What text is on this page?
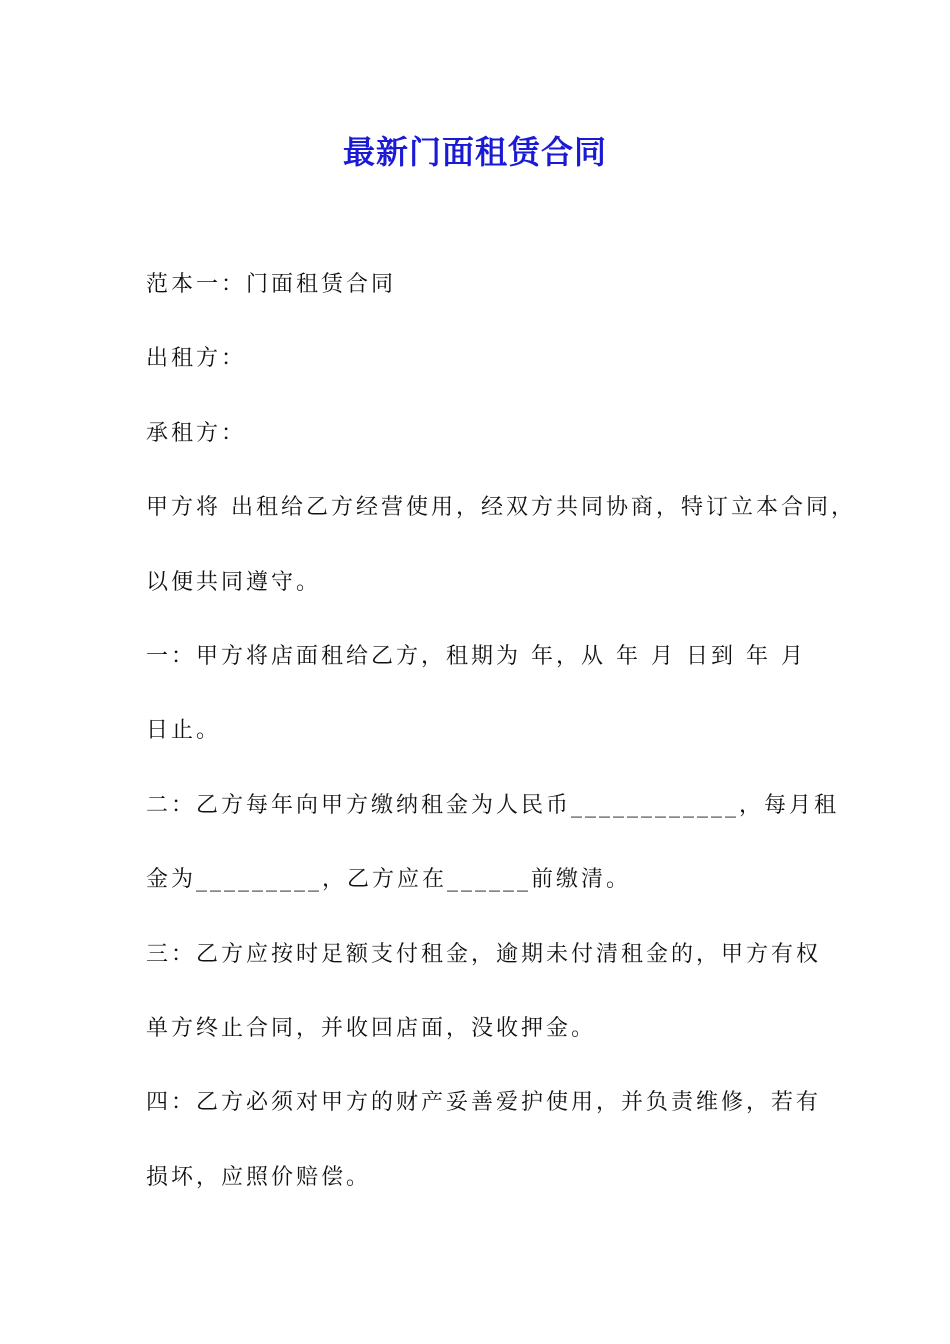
最新门面租赁合同
范本一：门面租赁合同
出租方：
承租方：
甲方将 出租给乙方经营使用，经双方共同协商，特订立本合同，
以便共同遵守。
一：甲方将店面租给乙方，租期为 年，从 年 月 日到 年 月
日止。
二：乙方每年向甲方缴纳租金为人民币____________，每月租
金为_________，乙方应在______前缴清。
三：乙方应按时足额支付租金，逾期未付清租金的，甲方有权
单方终止合同，并收回店面，没收押金。
四：乙方必须对甲方的财产妥善爱护使用，并负责维修，若有
损坏，应照价赔偿。
